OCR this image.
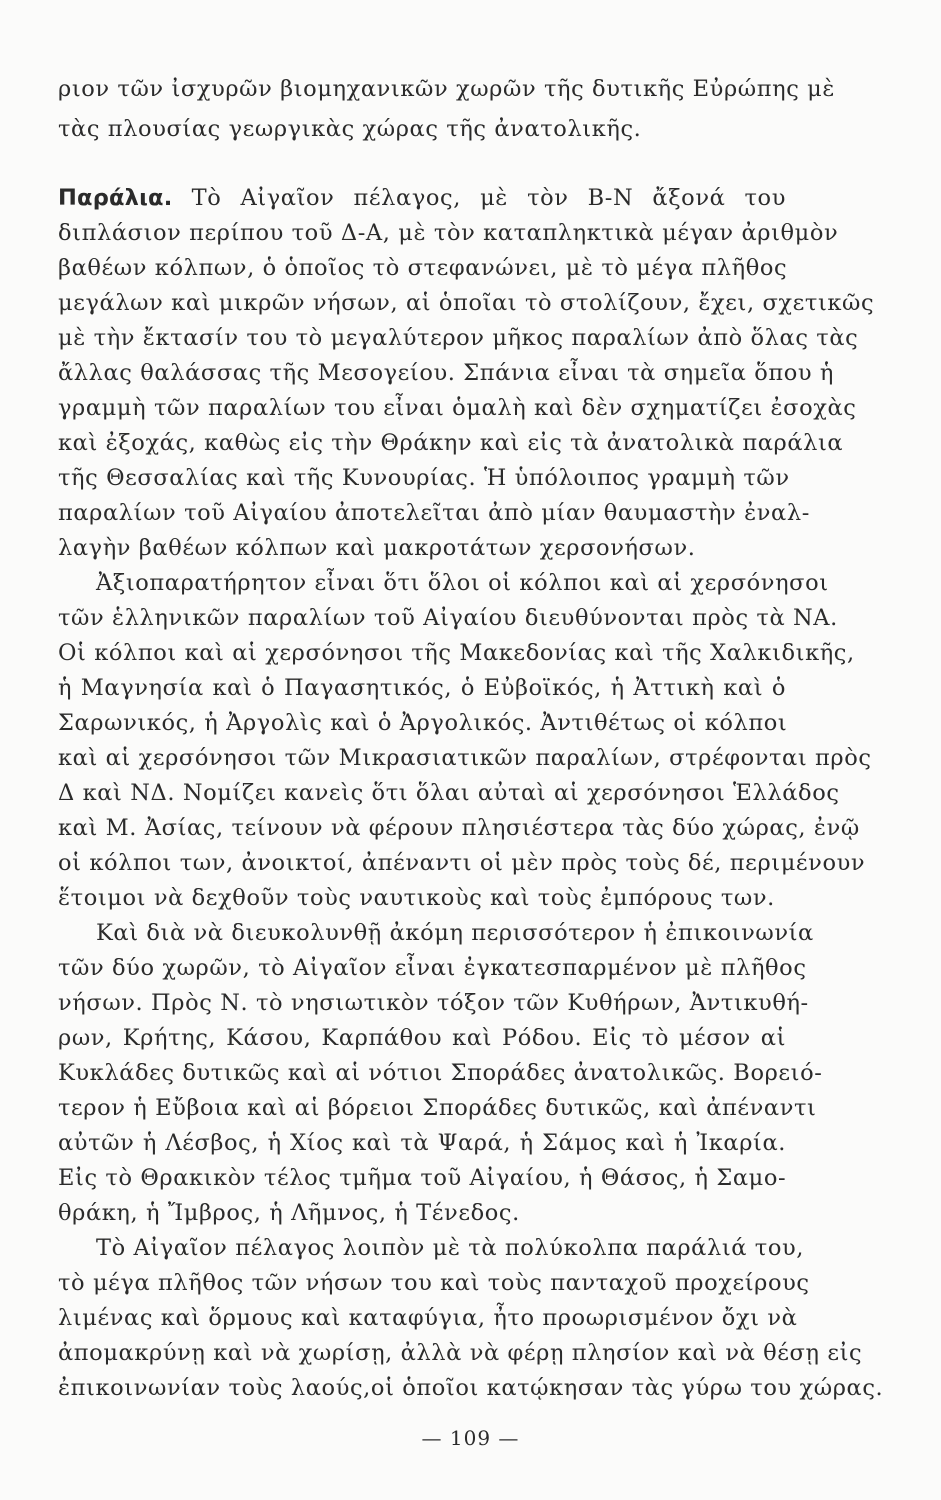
ριον τῶν ἰσχυρῶν βιομηχανικῶν χωρῶν τῆς δυτικῆς Εὐρώπης μὲ
τὰς πλουσίας γεωργικὰς χώρας τῆς ἀνατολικῆς.
Παράλια. Τὸ Αἰγαῖον πέλαγος, μὲ τὸν Β-Ν ἄξονά του
διπλάσιον περίπου τοῦ Δ-Α, μὲ τὸν καταπληκτικὰ μέγαν ἀριθμὸν
βαθέων κόλπων, ὁ ὁποῖος τὸ στεφανώνει, μὲ τὸ μέγα πλῆθος
μεγάλων καὶ μικρῶν νήσων, αἱ ὁποῖαι τὸ στολίζουν, ἔχει, σχετικῶς
μὲ τὴν ἔκτασίν του τὸ μεγαλύτερον μῆκος παραλίων ἀπὸ ὅλας τὰς
ἄλλας θαλάσσας τῆς Μεσογείου. Σπάνια εἶναι τὰ σημεῖα ὅπου ἡ
γραμμὴ τῶν παραλίων του εἶναι ὁμαλὴ καὶ δὲν σχηματίζει ἐσοχὰς
καὶ ἐξοχάς, καθὼς εἰς τὴν Θράκην καὶ εἰς τὰ ἀνατολικὰ παράλια
τῆς Θεσσαλίας καὶ τῆς Κυνουρίας. Ἡ ὑπόλοιπος γραμμὴ τῶν
παραλίων τοῦ Αἰγαίου ἀποτελεῖται ἀπὸ μίαν θαυμαστὴν ἐναλ-
λαγὴν βαθέων κόλπων καὶ μακροτάτων χερσονήσων.
Ἀξιοπαρατήρητον εἶναι ὅτι ὅλοι οἱ κόλποι καὶ αἱ χερσόνησοι
τῶν ἑλληνικῶν παραλίων τοῦ Αἰγαίου διευθύνονται πρὸς τὰ ΝΑ.
Οἱ κόλποι καὶ αἱ χερσόνησοι τῆς Μακεδονίας καὶ τῆς Χαλκιδικῆς,
ἡ Μαγνησία καὶ ὁ Παγασητικός, ὁ Εὐβοϊκός, ἡ Ἀττικὴ καὶ ὁ
Σαρωνικός, ἡ Ἀργολὶς καὶ ὁ Ἀργολικός. Ἀντιθέτως οἱ κόλποι
καὶ αἱ χερσόνησοι τῶν Μικρασιατικῶν παραλίων, στρέφονται πρὸς
Δ καὶ ΝΔ. Νομίζει κανεὶς ὅτι ὅλαι αὐταὶ αἱ χερσόνησοι Ἑλλάδος
καὶ Μ. Ἀσίας, τείνουν νὰ φέρουν πλησιέστερα τὰς δύο χώρας, ἐνῷ
οἱ κόλποι των, ἀνοικτοί, ἀπέναντι οἱ μὲν πρὸς τοὺς δέ, περιμένουν
ἕτοιμοι νὰ δεχθοῦν τοὺς ναυτικοὺς καὶ τοὺς ἐμπόρους των.
Καὶ διὰ νὰ διευκολυνθῇ ἀκόμη περισσότερον ἡ ἐπικοινωνία
τῶν δύο χωρῶν, τὸ Αἰγαῖον εἶναι ἐγκατεσπαρμένον μὲ πλῆθος
νήσων. Πρὸς Ν. τὸ νησιωτικὸν τόξον τῶν Κυθήρων, Ἀντικυθή-
ρων, Κρήτης, Κάσου, Καρπάθου καὶ Ρόδου. Εἰς τὸ μέσον αἱ
Κυκλάδες δυτικῶς καὶ αἱ νότιοι Σποράδες ἀνατολικῶς. Βορειό-
τερον ἡ Εὔβοια καὶ αἱ βόρειοι Σποράδες δυτικῶς, καὶ ἀπέναντι
αὐτῶν ἡ Λέσβος, ἡ Χίος καὶ τὰ Ψαρά, ἡ Σάμος καὶ ἡ Ἰκαρία.
Εἰς τὸ Θρακικὸν τέλος τμῆμα τοῦ Αἰγαίου, ἡ Θάσος, ἡ Σαμο-
θράκη, ἡ Ἴμβρος, ἡ Λῆμνος, ἡ Τένεδος.
Τὸ Αἰγαῖον πέλαγος λοιπὸν μὲ τὰ πολύκολπα παράλιά του,
τὸ μέγα πλῆθος τῶν νήσων του καὶ τοὺς πανταχοῦ προχείρους
λιμένας καὶ ὅρμους καὶ καταφύγια, ἦτο προωρισμένον ὄχι νὰ
ἀπομακρύνῃ καὶ νὰ χωρίσῃ, ἀλλὰ νὰ φέρῃ πλησίον καὶ νὰ θέσῃ εἰς
ἐπικοινωνίαν τοὺς λαούς,οἱ ὁποῖοι κατῴκησαν τὰς γύρω του χώρας.
— 109 —
